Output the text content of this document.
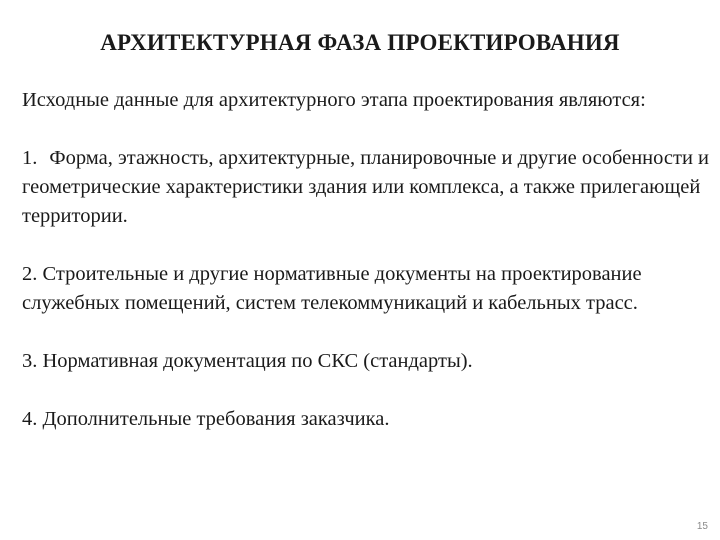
АРХИТЕКТУРНАЯ ФАЗА ПРОЕКТИРОВАНИЯ

Исходные данные для архитектурного этапа проектирования являются:

1. Форма, этажность, архитектурные, планировочные и другие особенности и геометрические характеристики здания или комплекса, а также прилегающей территории.

2. Строительные и другие нормативные документы на проектирование служебных помещений, систем телекоммуникаций и кабельных трасс.

3. Нормативная документация по СКС (стандарты).

4. Дополнительные требования заказчика.

15
